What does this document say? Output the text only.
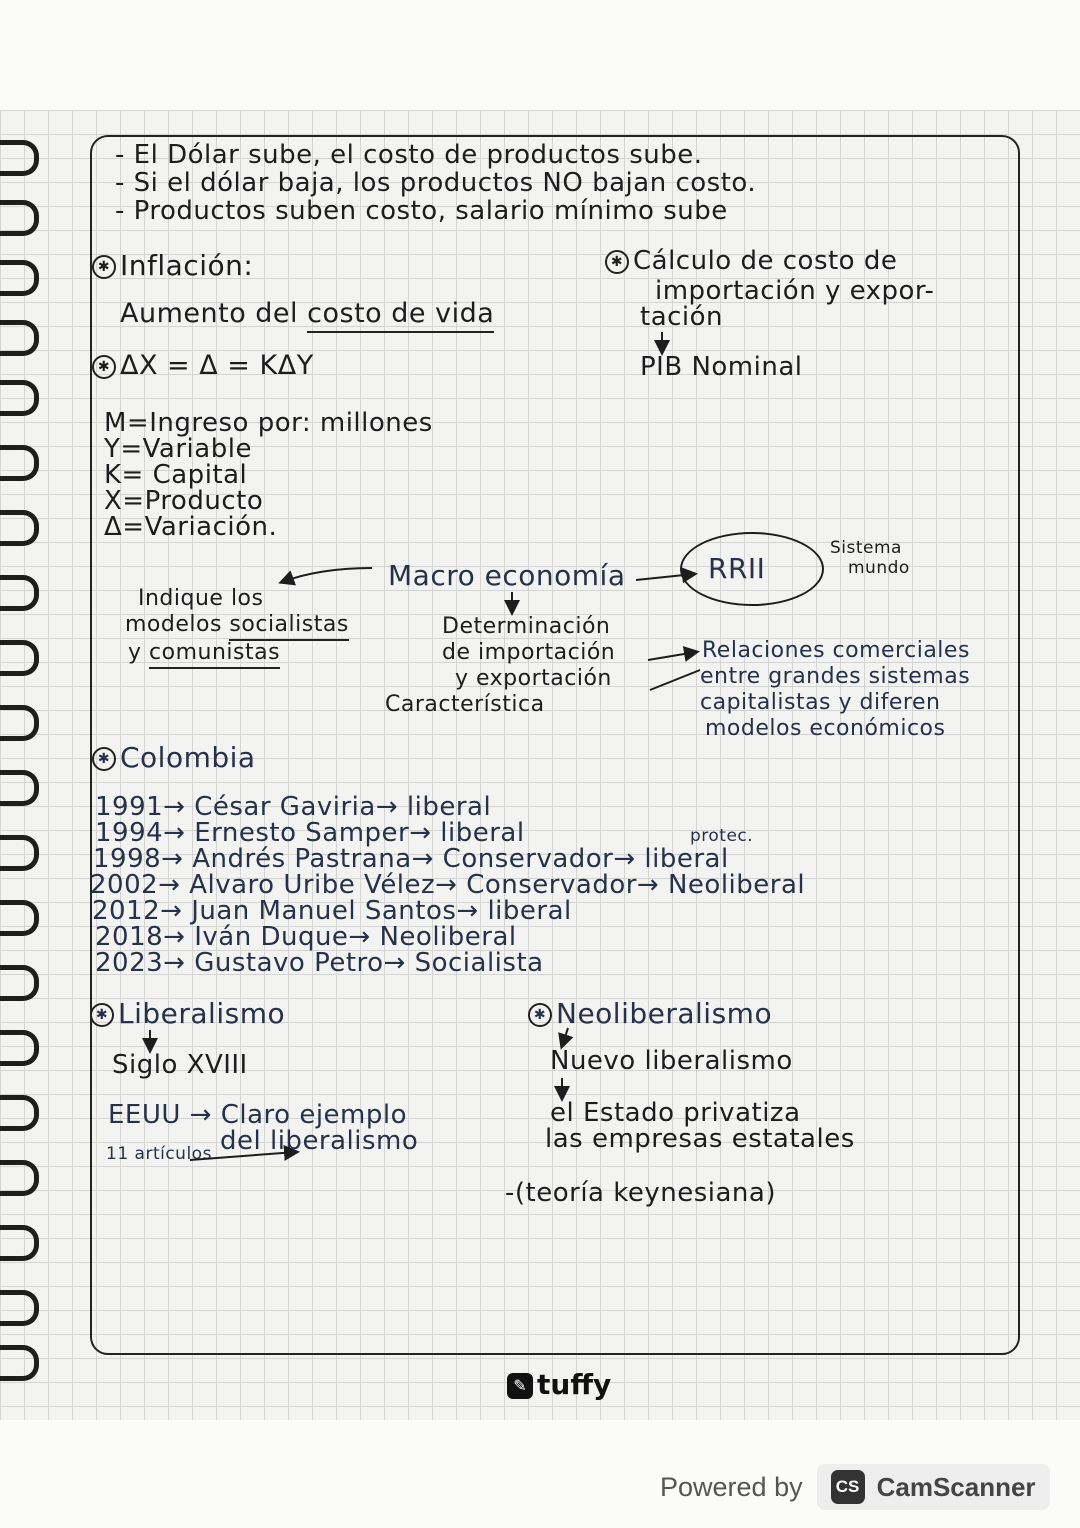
- El Dólar sube, el costo de productos sube.
- Si el dólar baja, los productos NO bajan costo.
- Productos suben costo, salario mínimo sube
✱ Inflación:
Aumento del costo de vida
✱ ΔX = Δ = KΔY
M=Ingreso por: millones
Y=Variable
K= Capital
X=Producto
Δ=Variación.
✱ Cálculo de costo de
importación y expor-
tación
PIB Nominal
Macro economía	RRII
Sistema
mundo
Indique los
modelos socialistas
y comunistas
Determinación
de importación
y exportación
Característica
Relaciones comerciales
entre grandes sistemas
capitalistas y diferen
modelos económicos
✱ Colombia
1991→ César Gaviria→ liberal
1994→ Ernesto Samper→ liberal	protec.
1998→ Andrés Pastrana→ Conservador→ liberal
2002→ Alvaro Uribe Vélez→ Conservador→ Neoliberal
2012→ Juan Manuel Santos→ liberal
2018→ Iván Duque→ Neoliberal
2023→ Gustavo Petro→ Socialista
✱ Liberalismo
Siglo XVIII
EEUU → Claro ejemplo
del liberalismo
11 artículos
✱ Neoliberalismo
Nuevo liberalismo
el Estado privatiza
las empresas estatales
-(teoría keynesiana)
✎ tuffy
Powered by	CS CamScanner
